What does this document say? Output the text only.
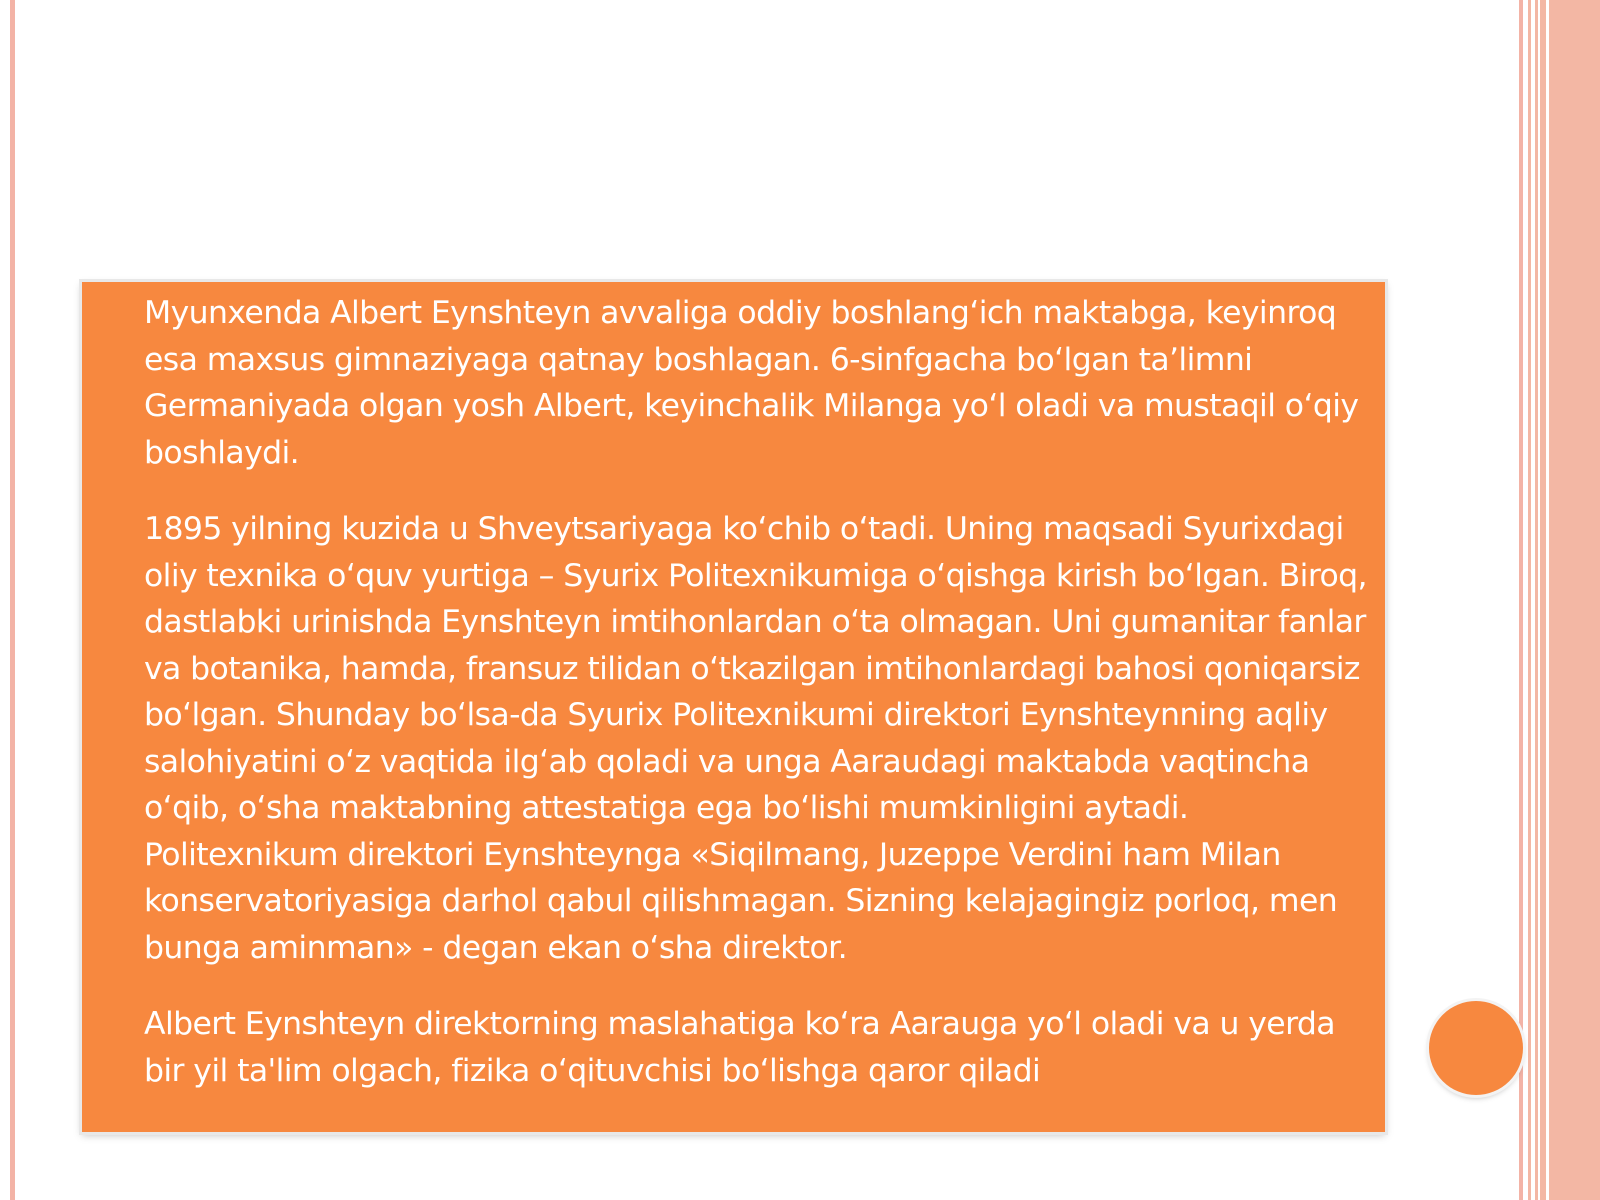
Myunxenda Albert Eynshteyn avvaliga oddiy boshlangʻich maktabga, keyinroq esa maxsus gimnaziyaga qatnay boshlagan. 6-sinfgacha boʻlgan taʼlimni Germaniyada olgan yosh Albert, keyinchalik Milanga yoʻl oladi va mustaqil oʻqiy boshlaydi.

1895 yilning kuzida u Shveytsariyaga koʻchib oʻtadi. Uning maqsadi Syurixdagi oliy texnika oʻquv yurtiga – Syurix Politexnikumiga oʻqishga kirish boʻlgan. Biroq, dastlabki urinishda Eynshteyn imtihonlardan oʻta olmagan. Uni gumanitar fanlar va botanika, hamda, fransuz tilidan oʻtkazilgan imtihonlardagi bahosi qoniqarsiz boʻlgan. Shunday boʻlsa-da Syurix Politexnikumi direktori Eynshteynning aqliy salohiyatini oʻz vaqtida ilgʻab qoladi va unga Aaraudagi maktabda vaqtincha oʻqib, oʻsha maktabning attestatiga ega boʻlishi mumkinligini aytadi. Politexnikum direktori Eynshteynga «Siqilmang, Juzeppe Verdini ham Milan konservatoriyasiga darhol qabul qilishmagan. Sizning kelajagingiz porloq, men bunga aminman» - degan ekan oʻsha direktor.

Albert Eynshteyn direktorning maslahatiga koʻra Aarauga yoʻl oladi va u yerda bir yil ta'lim olgach, fizika oʻqituvchisi boʻlishga qaror qiladi
